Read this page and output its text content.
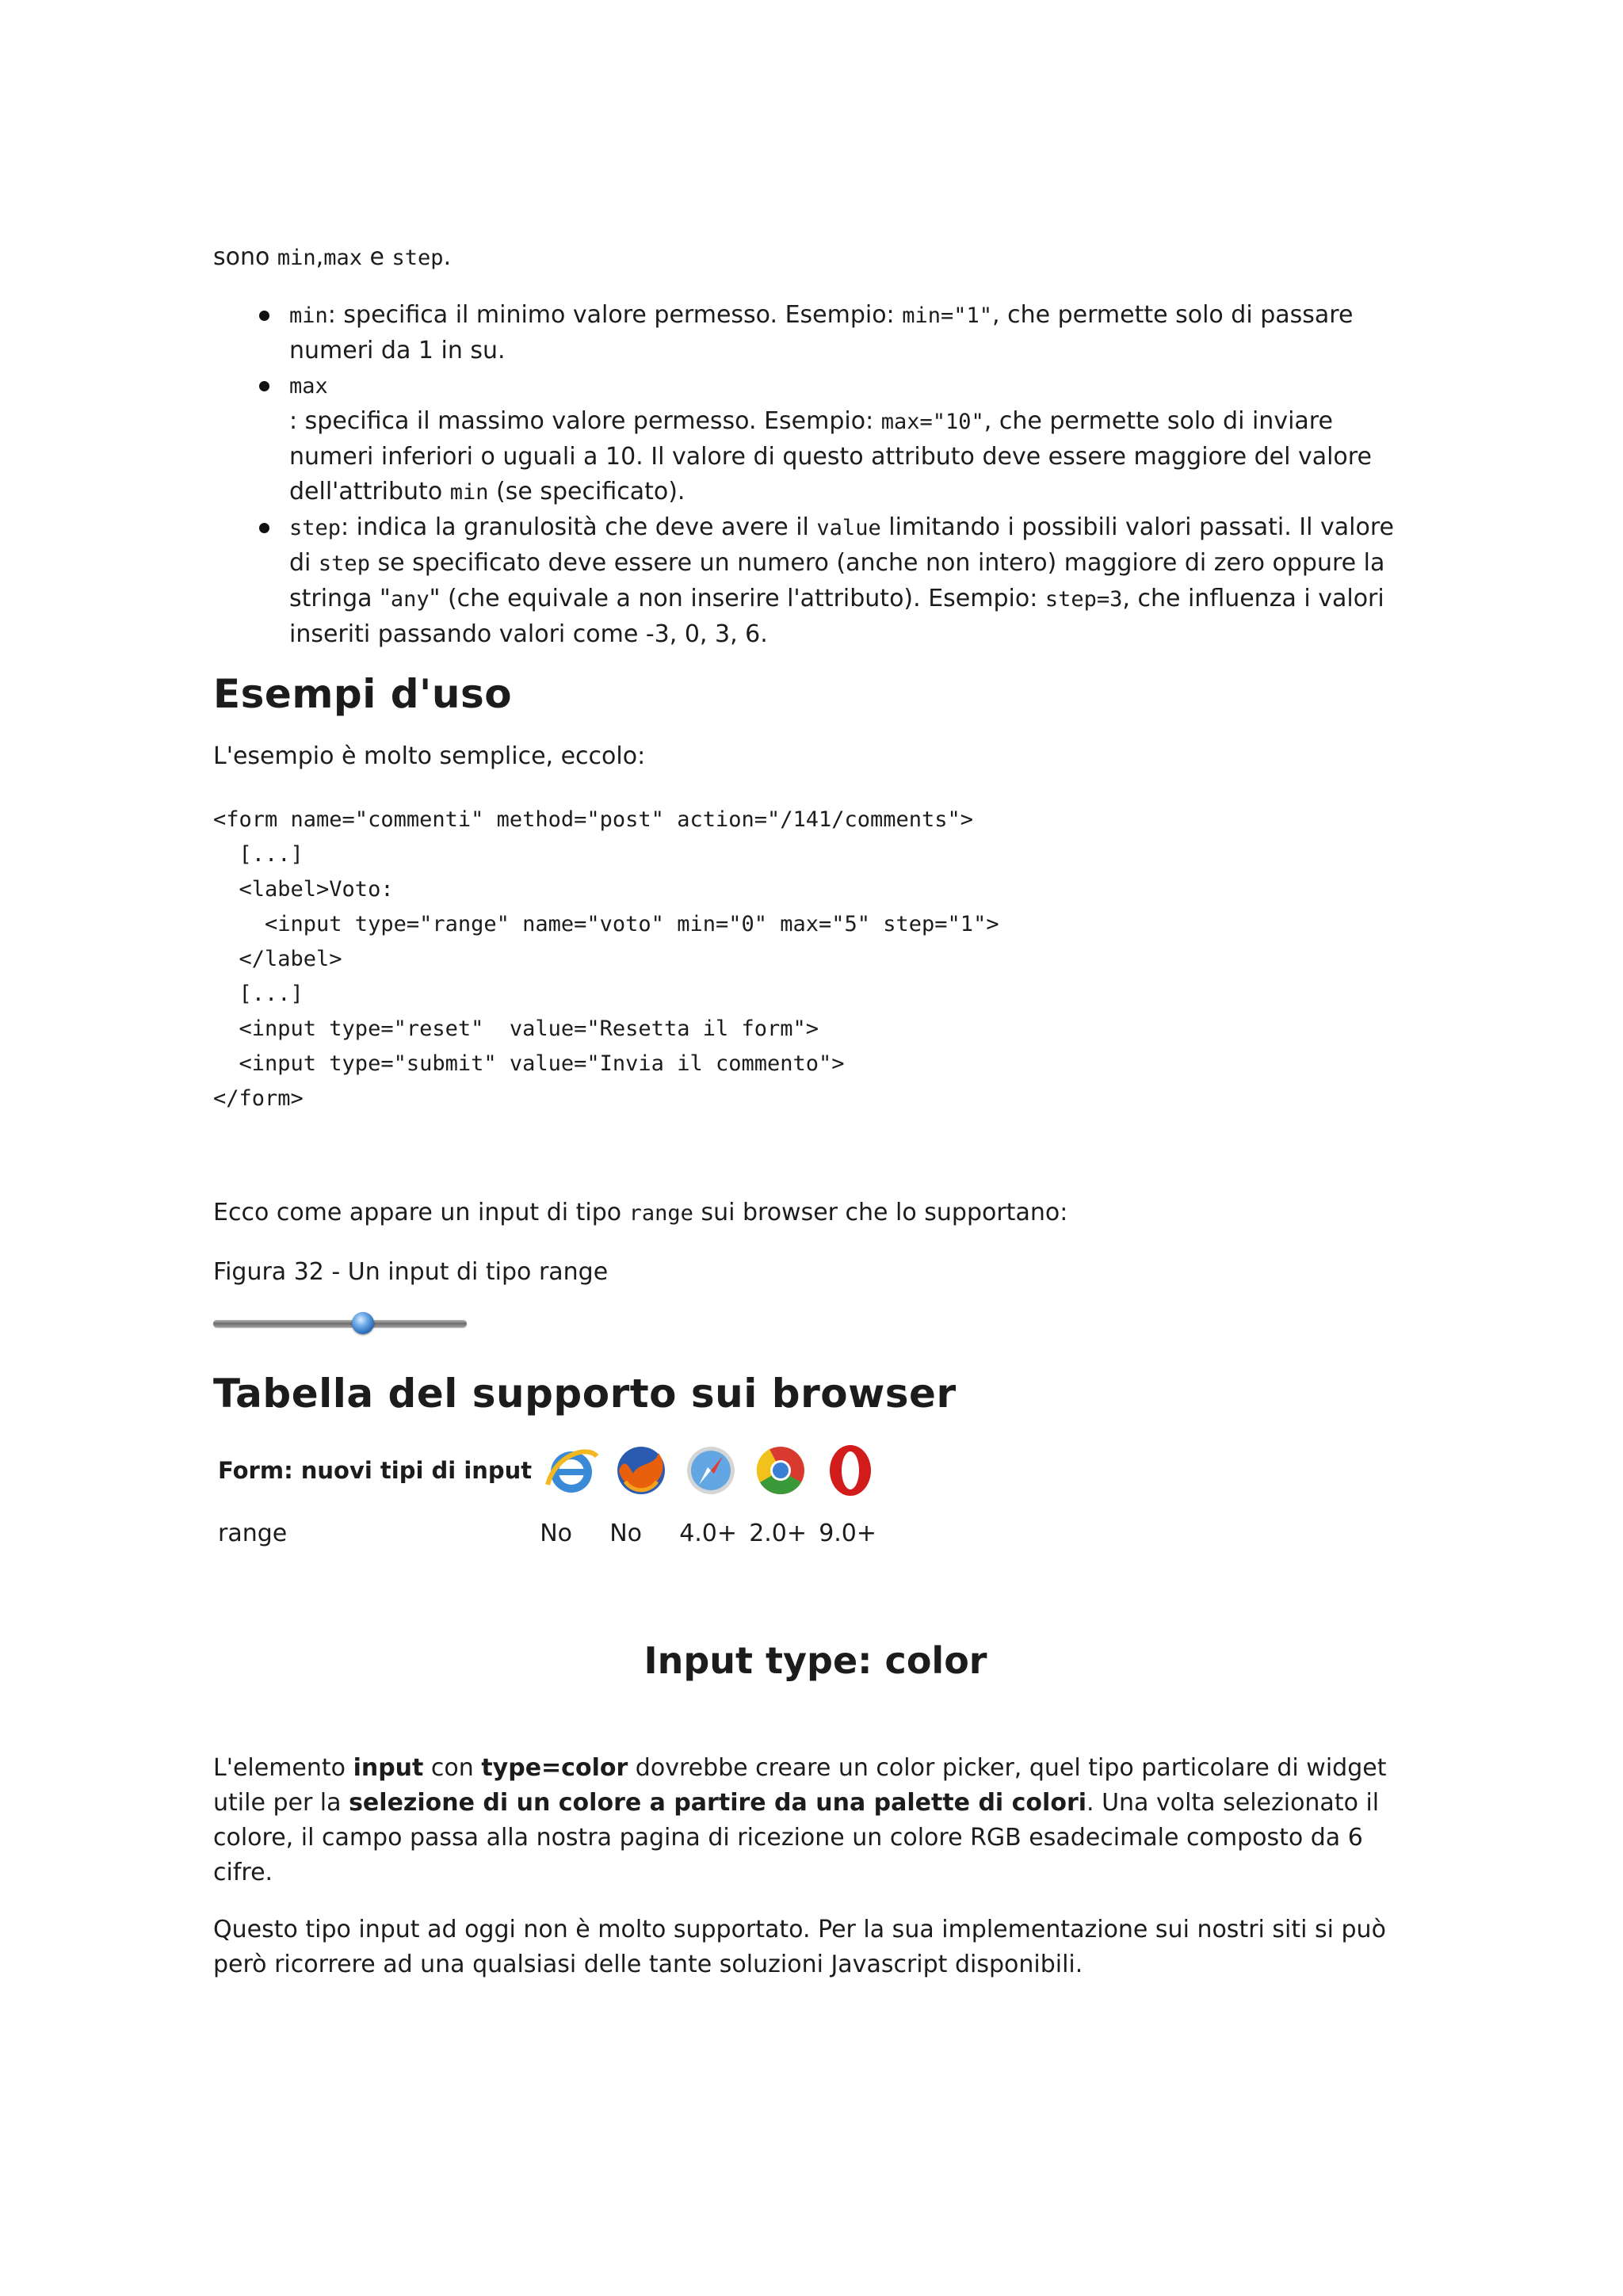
sono min,max e step.

min: specifica il minimo valore permesso. Esempio: min="1", che permette solo di passare numeri da 1 in su.
max
: specifica il massimo valore permesso. Esempio: max="10", che permette solo di inviare numeri inferiori o uguali a 10. Il valore di questo attributo deve essere maggiore del valore dell'attributo min (se specificato).
step: indica la granulosità che deve avere il value limitando i possibili valori passati. Il valore di step se specificato deve essere un numero (anche non intero) maggiore di zero oppure la stringa "any" (che equivale a non inserire l'attributo). Esempio: step=3, che influenza i valori inseriti passando valori come -3, 0, 3, 6.
Esempi d'uso

L'esempio è molto semplice, eccolo:

<form name="commenti" method="post" action="/141/comments">
[...]
<label>Voto:
<input type="range" name="voto" min="0" max="5" step="1">
</label>
[...]
<input type="reset"  value="Resetta il form">
<input type="submit" value="Invia il commento">
</form>

Ecco come appare un input di tipo range sui browser che lo supportano:

Figura 32 - Un input di tipo range

Tabella del supporto sui browser
Form: nuovi tipi di input	

range	No	No	4.0+	2.0+	9.0+

Input type: color

L'elemento input con type=color dovrebbe creare un color picker, quel tipo particolare di widget utile per la selezione di un colore a partire da una palette di colori. Una volta selezionato il colore, il campo passa alla nostra pagina di ricezione un colore RGB esadecimale composto da 6 cifre.

Questo tipo input ad oggi non è molto supportato. Per la sua implementazione sui nostri siti si può però ricorrere ad una qualsiasi delle tante soluzioni Javascript disponibili.
